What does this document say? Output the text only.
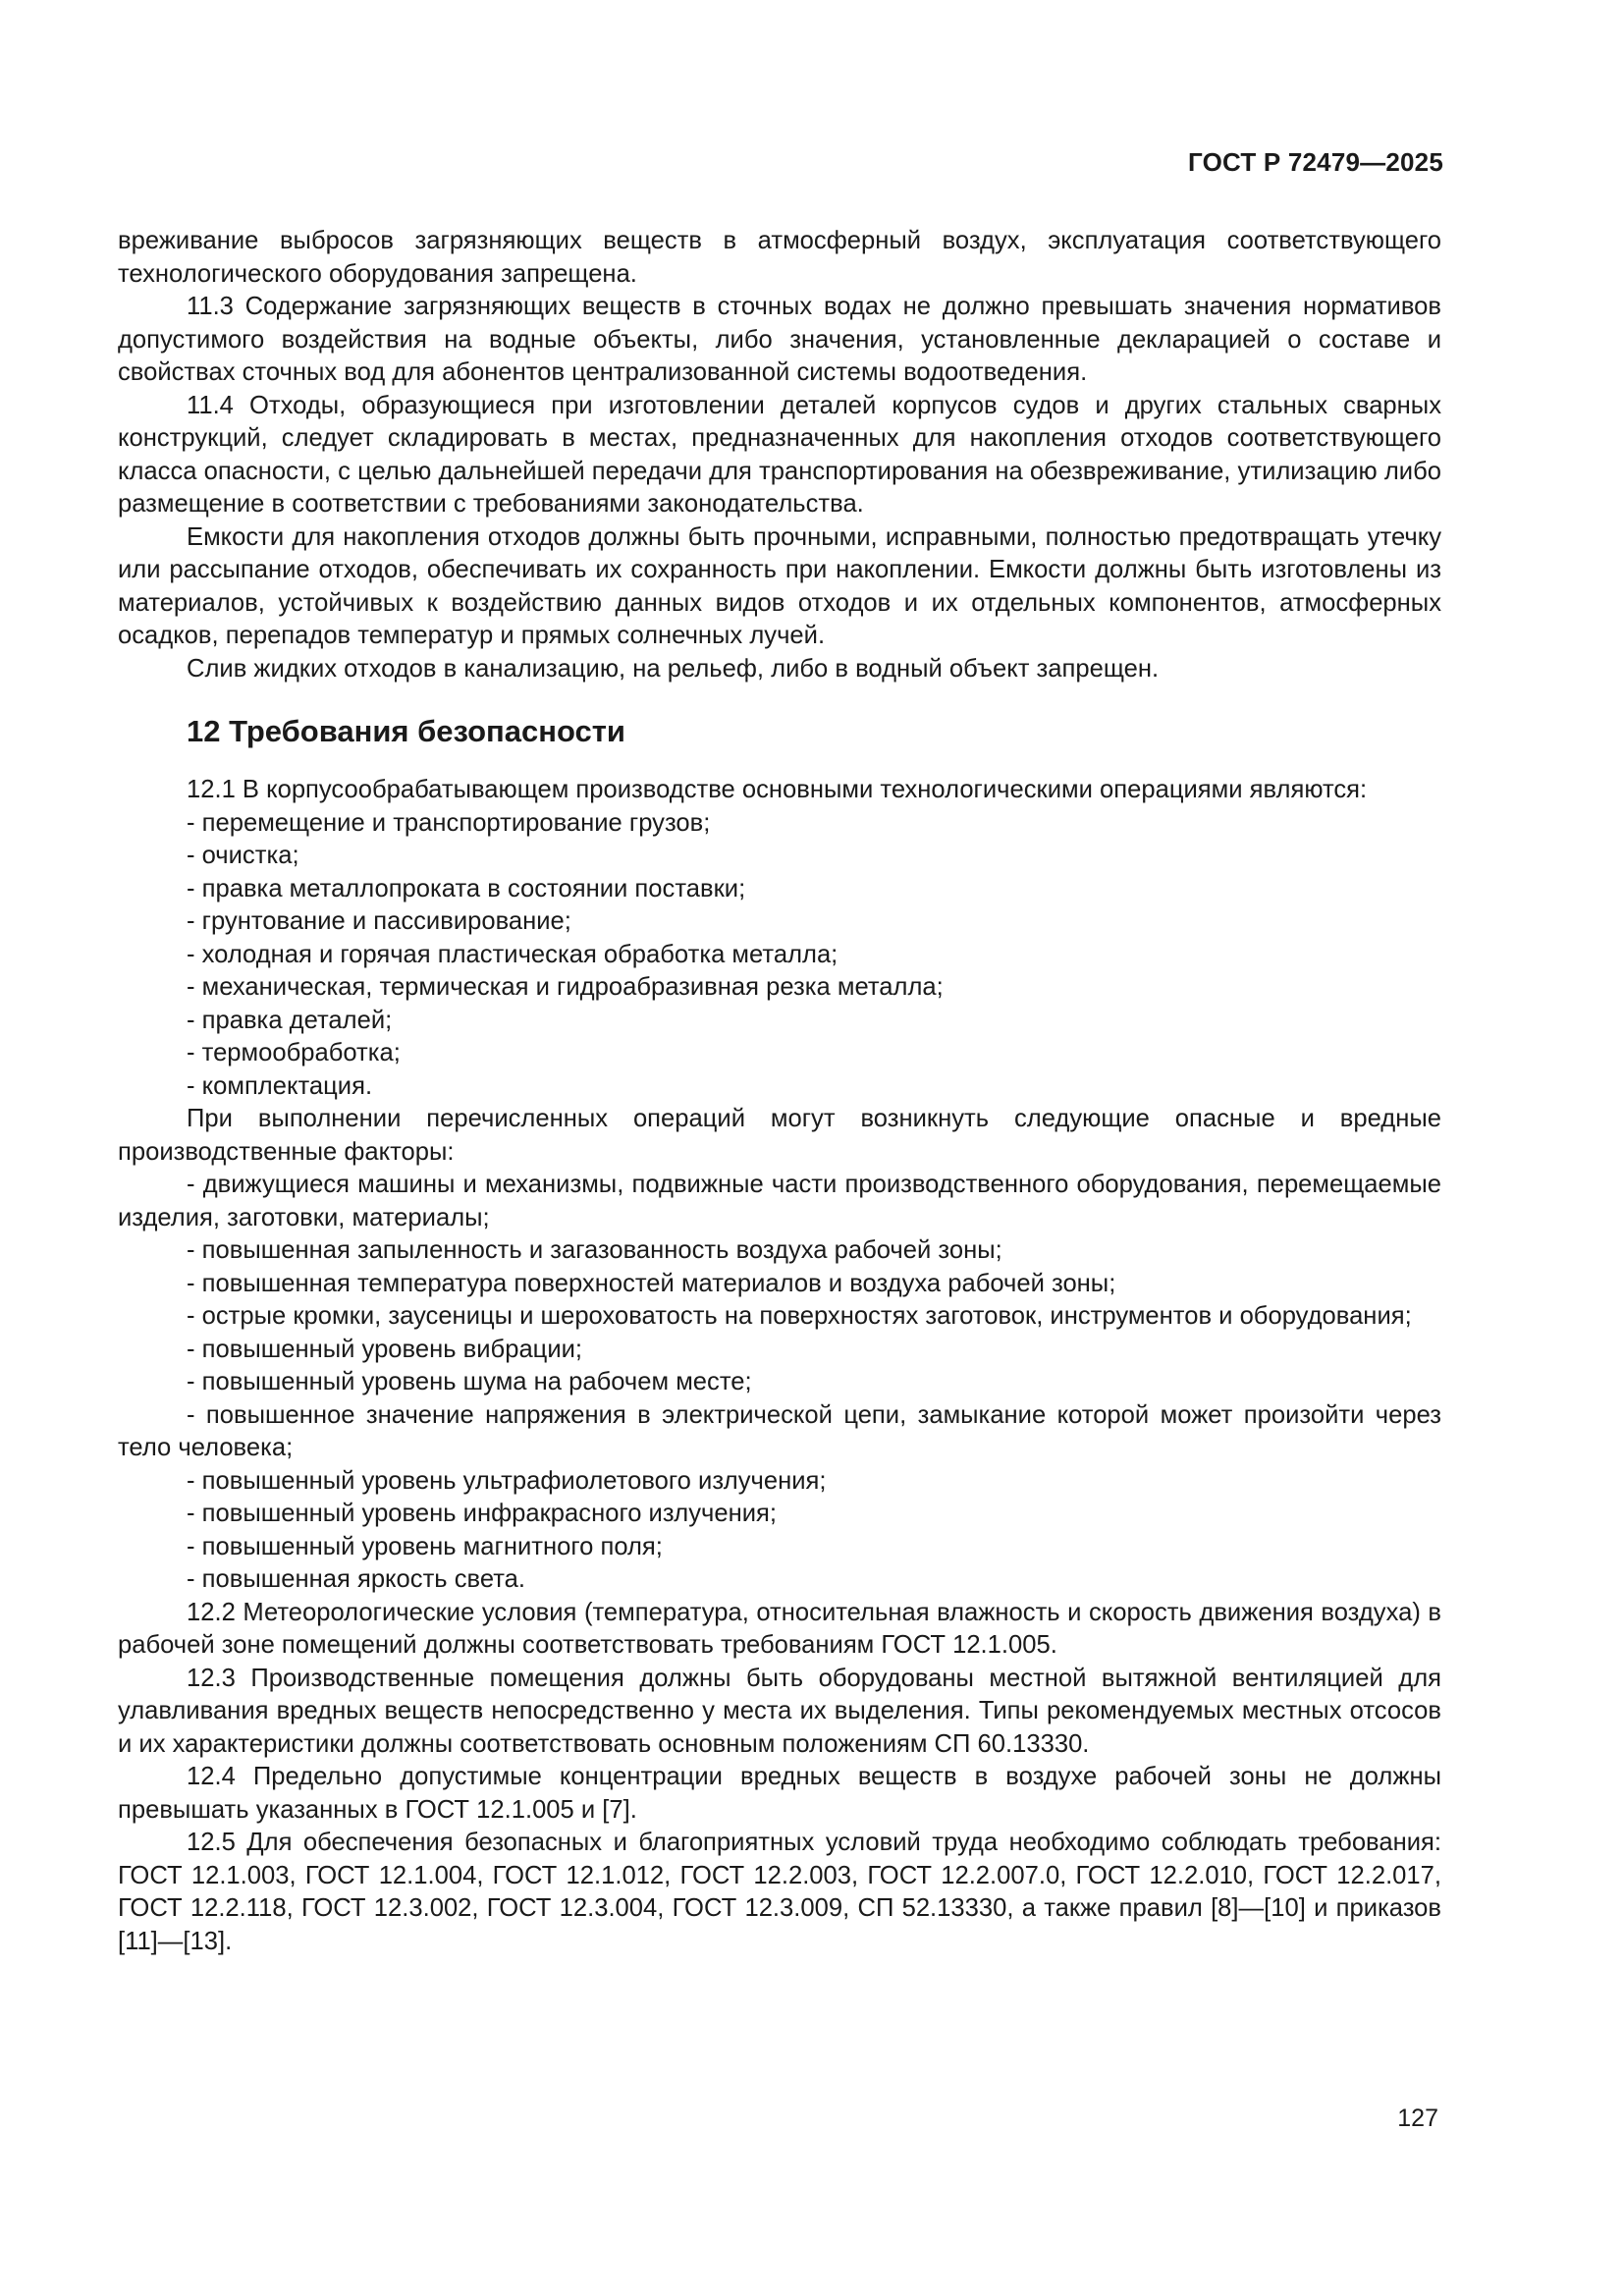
ГОСТ Р 72479—2025

вреживание выбросов загрязняющих веществ в атмосферный воздух, эксплуатация соответствующего технологического оборудования запрещена.

11.3 Содержание загрязняющих веществ в сточных водах не должно превышать значения нормативов допустимого воздействия на водные объекты, либо значения, установленные декларацией о составе и свойствах сточных вод для абонентов централизованной системы водоотведения.

11.4 Отходы, образующиеся при изготовлении деталей корпусов судов и других стальных сварных конструкций, следует складировать в местах, предназначенных для накопления отходов соответствующего класса опасности, с целью дальнейшей передачи для транспортирования на обезвреживание, утилизацию либо размещение в соответствии с требованиями законодательства.

Емкости для накопления отходов должны быть прочными, исправными, полностью предотвращать утечку или рассыпание отходов, обеспечивать их сохранность при накоплении. Емкости должны быть изготовлены из материалов, устойчивых к воздействию данных видов отходов и их отдельных компонентов, атмосферных осадков, перепадов температур и прямых солнечных лучей.

Слив жидких отходов в канализацию, на рельеф, либо в водный объект запрещен.

12 Требования безопасности

12.1 В корпусообрабатывающем производстве основными технологическими операциями являются:

- перемещение и транспортирование грузов;

- очистка;

- правка металлопроката в состоянии поставки;

- грунтование и пассивирование;

- холодная и горячая пластическая обработка металла;

- механическая, термическая и гидроабразивная резка металла;

- правка деталей;

- термообработка;

- комплектация.

При выполнении перечисленных операций могут возникнуть следующие опасные и вредные производственные факторы:

- движущиеся машины и механизмы, подвижные части производственного оборудования, перемещаемые изделия, заготовки, материалы;

- повышенная запыленность и загазованность воздуха рабочей зоны;

- повышенная температура поверхностей материалов и воздуха рабочей зоны;

- острые кромки, заусеницы и шероховатость на поверхностях заготовок, инструментов и оборудования;

- повышенный уровень вибрации;

- повышенный уровень шума на рабочем месте;

- повышенное значение напряжения в электрической цепи, замыкание которой может произойти через тело человека;

- повышенный уровень ультрафиолетового излучения;

- повышенный уровень инфракрасного излучения;

- повышенный уровень магнитного поля;

- повышенная яркость света.

12.2 Метеорологические условия (температура, относительная влажность и скорость движения воздуха) в рабочей зоне помещений должны соответствовать требованиям ГОСТ 12.1.005.

12.3 Производственные помещения должны быть оборудованы местной вытяжной вентиляцией для улавливания вредных веществ непосредственно у места их выделения. Типы рекомендуемых местных отсосов и их характеристики должны соответствовать основным положениям СП 60.13330.

12.4 Предельно допустимые концентрации вредных веществ в воздухе рабочей зоны не должны превышать указанных в ГОСТ 12.1.005 и [7].

12.5 Для обеспечения безопасных и благоприятных условий труда необходимо соблюдать требования: ГОСТ 12.1.003, ГОСТ 12.1.004, ГОСТ 12.1.012, ГОСТ 12.2.003, ГОСТ 12.2.007.0, ГОСТ 12.2.010, ГОСТ 12.2.017, ГОСТ 12.2.118, ГОСТ 12.3.002, ГОСТ 12.3.004, ГОСТ 12.3.009, СП 52.13330, а также правил [8]—[10] и приказов [11]—[13].

127
